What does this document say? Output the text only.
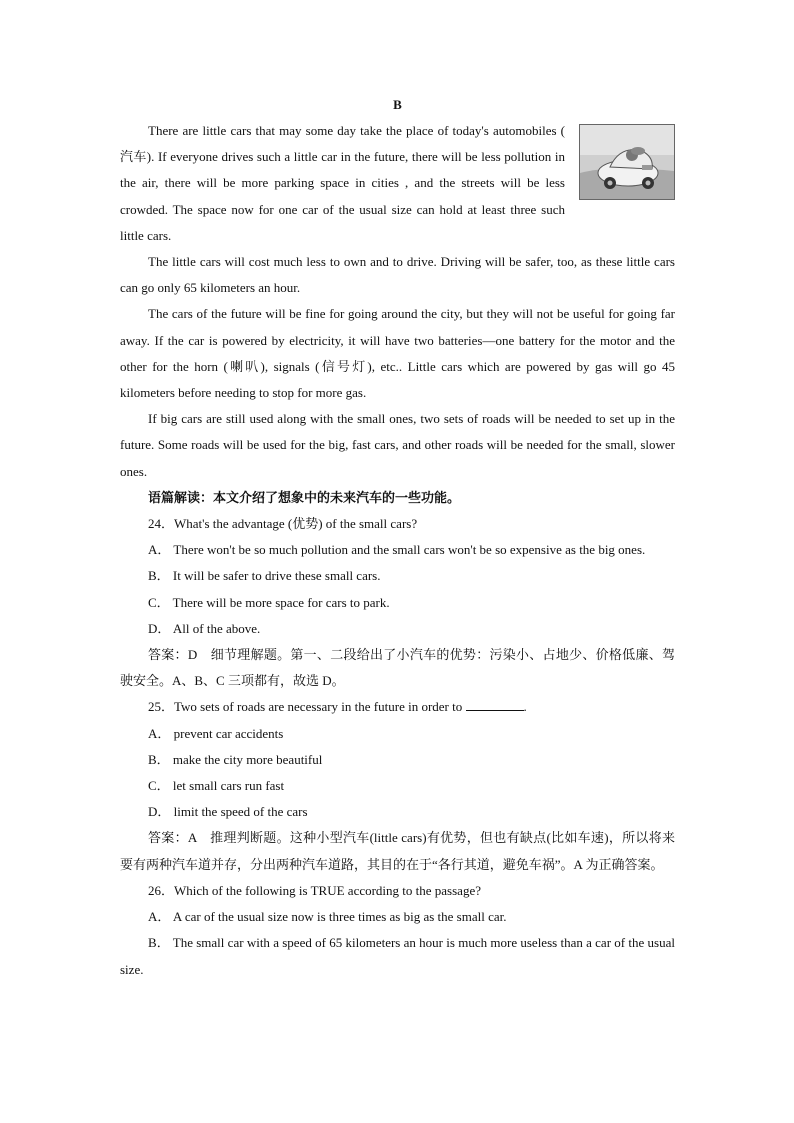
B

There are little cars that may some day take the place of today's automobiles ( 汽车). If everyone drives such a little car in the future, there will be less pollution in the air, there will be more parking space in cities , and the streets will be less crowded. The space now for one car of the usual size can hold at least three such little cars.

The little cars will cost much less to own and to drive. Driving will be safer, too, as these little cars can go only 65 kilometers an hour.

The cars of the future will be fine for going around the city, but they will not be useful for going far away. If the car is powered by electricity, it will have two batteries—one battery for the motor and the other for the horn (喇叭), signals (信号灯), etc.. Little cars which are powered by gas will go 45 kilometers before needing to stop for more gas.

If big cars are still used along with the small ones, two sets of roads will be needed to set up in the future. Some roads will be used for the big, fast cars, and other roads will be needed for the small, slower ones.

语篇解读：本文介绍了想象中的未来汽车的一些功能。

24．What's the advantage (优势) of the small cars?

A． There won't be so much pollution and the small cars won't be so expensive as the big ones.

B． It will be safer to drive these small cars.

C． There will be more space for cars to park.

D． All of the above.

答案：D　细节理解题。第一、二段给出了小汽车的优势：污染小、占地少、价格低廉、驾驶安全。A、B、C 三项都有，故选 D。

25．Two sets of roads are necessary in the future in order to	.

A． prevent car accidents

B． make the city more beautiful

C． let small cars run fast

D． limit the speed of the cars

答案：A　推理判断题。这种小型汽车(little cars)有优势，但也有缺点(比如车速)，所以将来要有两种汽车道并存，分出两种汽车道路，其目的在于“各行其道，避免车祸”。A 为正确答案。

26．Which of the following is TRUE according to the passage?

A． A car of the usual size now is three times as big as the small car.

B． The small car with a speed of 65 kilometers an hour is much more useless than a car of the usual size.
